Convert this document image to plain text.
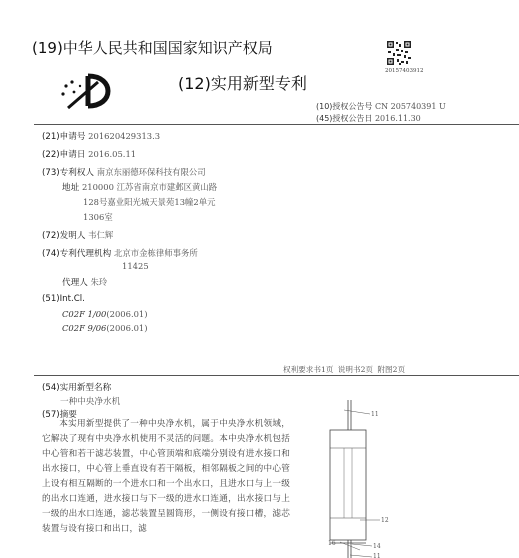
(19)中华人民共和国国家知识产权局
(12)实用新型专利
20157403912
(10)授权公告号 CN 205740391 U
(45)授权公告日 2016.11.30
(21)申请号 201620429313.3
(22)申请日 2016.05.11
(73)专利权人 南京东丽德环保科技有限公司
地址 210000 江苏省南京市建邺区黄山路
128号嘉业阳光城天景苑13幢2单元
1306室
(72)发明人 韦仁辉
(74)专利代理机构 北京市金栋律师事务所
11425
代理人 朱玲
(51)Int.Cl.
C02F 1/00(2006.01)
C02F 9/06(2006.01)
权利要求书1页 说明书2页 附图2页
(54)实用新型名称
一种中央净水机
(57)摘要
本实用新型提供了一种中央净水机，属于中央净水机领域，它解决了现有中央净水机使用不灵活的问题。本中央净水机包括中心管和若干滤芯装置，中心管顶端和底端分别设有进水接口和出水接口，中心管上垂直设有若干隔板，相邻隔板之间的中心管上设有相互隔断的一个进水口和一个出水口，且进水口与上一级的出水口连通，进水接口与下一级的进水口连通，出水接口与上一级的出水口连通，滤芯装置呈圆筒形，一侧设有接口槽，滤芯装置与设有接口和出口，滤
11
12
16	14
11
